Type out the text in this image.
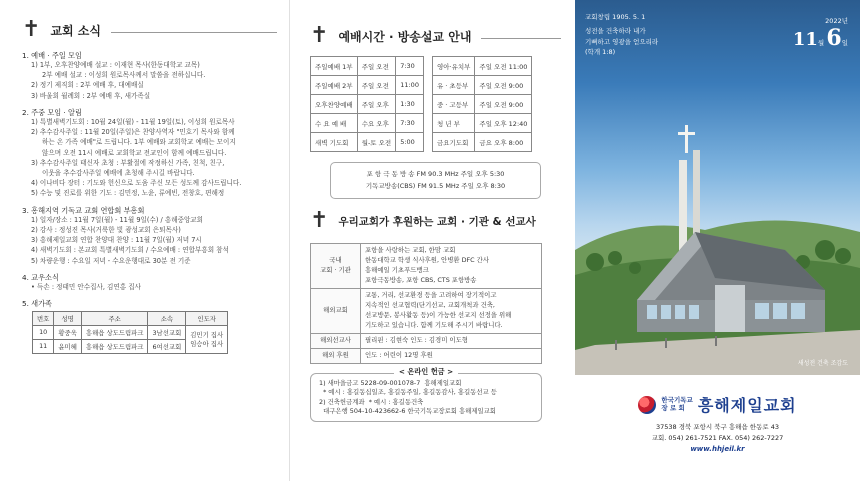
✝ 교회 소식
1. 예배 · 주일 모임
1) 1부, 오후찬양예배 설교 : 이재현 목사(한동대학교 교목)
2부 예배 설교 : 이성희 원로목사께서 말씀을 전하십니다.
2) 정기 제직회 : 2부 예배 후, 대예배실
3) 바울회 월례회 : 2부 예배 후, 새가족실
2. 주중 모임 · 알림
1) 특별새벽기도회 : 10월 24일(월) - 11월 19일(토), 이성희 원로목사
2) 추수감사주일 : 11월 20일(주일)은 찬양사역자 "민호기 목사와 함께
하는 온 가족 예배"로 드립니다. 1부 예배와 교회학교 예배는 모이지
않으며 오전 11시 예배로 교회학교 전교인이 함께 예배드립니다.
3) 추수감사주일 태신자 초청 : 부활절에 작정하신 가족, 친척, 친구,
이웃을 추수감사주일 예배에 초청해 주시길 바랍니다.
4) 이나비다 장터 : 기도와 헌신으로 도움 주신 모든 성도께 감사드립니다.
5) 수능 및 진로를 위한 기도 : 김민정, 노윤, 류예빈, 전창호, 편해정
3. 흥해지역 기독교 교회 연합회 부흥회
1) 일자/장소 : 11월 7일(월) - 11월 9일(수) / 흥해중앙교회
2) 강사 : 정성진 목사(거룩한 빛 광성교회 은퇴목사)
3) 흥해제일교회 연합 찬양대 찬양 : 11월 7일(월) 저녁 7시
4) 새벽기도회 : 본교회 특별새벽기도회 / 수요예배 : 연합부흥회 참석
5) 차량운행 : 수요일 저녁 - 수요운행대로 30분 전 기준
4. 교우소식
• 득손 : 정태민 안수집사, 김연홍 집사
5. 새가족
번호	성명	주소	소속	인도자
10	황중욱	흥해읍 상도드림파크	3남선교회	김민기 집사
임승아 집사
11	윤미혜	흥해읍 상도드림파크	6여선교회	
✝ 예배시간 · 방송설교 안내
주일예배 1부	주일 오전	7:30		영아·유치부	주일 오전 11:00
주일예배 2부	주일 오전	11:00		유 · 초등부	주일 오전 9:00
오후찬양예배	주일 오후	1:30		중 · 고등부	주일 오전 9:00
수 요 예 배	수요 오후	7:30		청 년 부	주일 오후 12:40
새벽 기도회	월-토 오전	5:00		금요기도회	금요 오후 8:00
포 항 극 동 방 송 FM 90.3 MHz 주일 오후 5:30
기독교방송(CBS) FM 91.5 MHz 주일 오후 8:30
✝ 우리교회가 후원하는 교회 · 기관 & 선교사
국내
교회 · 기관	포항을 사랑하는 교회, 한맘 교회
한동대학교 학생 식사후원, 안병환 DFC 간사
흥해예일 기초푸드뱅크
포항극동방송, 포항 CBS, CTS 포항방송
해외교회	교통, 거리, 선교환경 등을 고려하여 장기적이고
지속적인 선교협력(단기선교, 교회개척과 건축,
선교방문, 봉사활동 등)이 가능한 선교지 선정을 위해
기도하고 있습니다. 함께 기도해 주시기 바랍니다.
해외선교사	필리핀 : 김현숙 인도 : 김경미 이도형
해외 후원	인도 : 어린이 12명 후원
< 온라인 헌금 >
1) 새마을금고 5228-09-001078-7  흥해제일교회
* 예시 : 홍길동십일조, 홍길동주일, 홍길동감사, 홍길동선교 등
2) 건축헌금계좌  * 예시 : 홍길동건축
대구은행 504-10-423662-6 한국기독교장로회 흥해제일교회
교회창립 1905. 5. 1
성전을 건축하라 내가
기뻐하고 영광을 얻으리라
(학개 1:8)
2022년
11월 6일
새성전 건축 조감도
한국기독교
장 로 회 흥해제일교회
37538 경북 포항시 북구 흥해읍 한동로 43
교회. 054) 261-7521 FAX. 054) 262-7227
www.hhjeil.kr
